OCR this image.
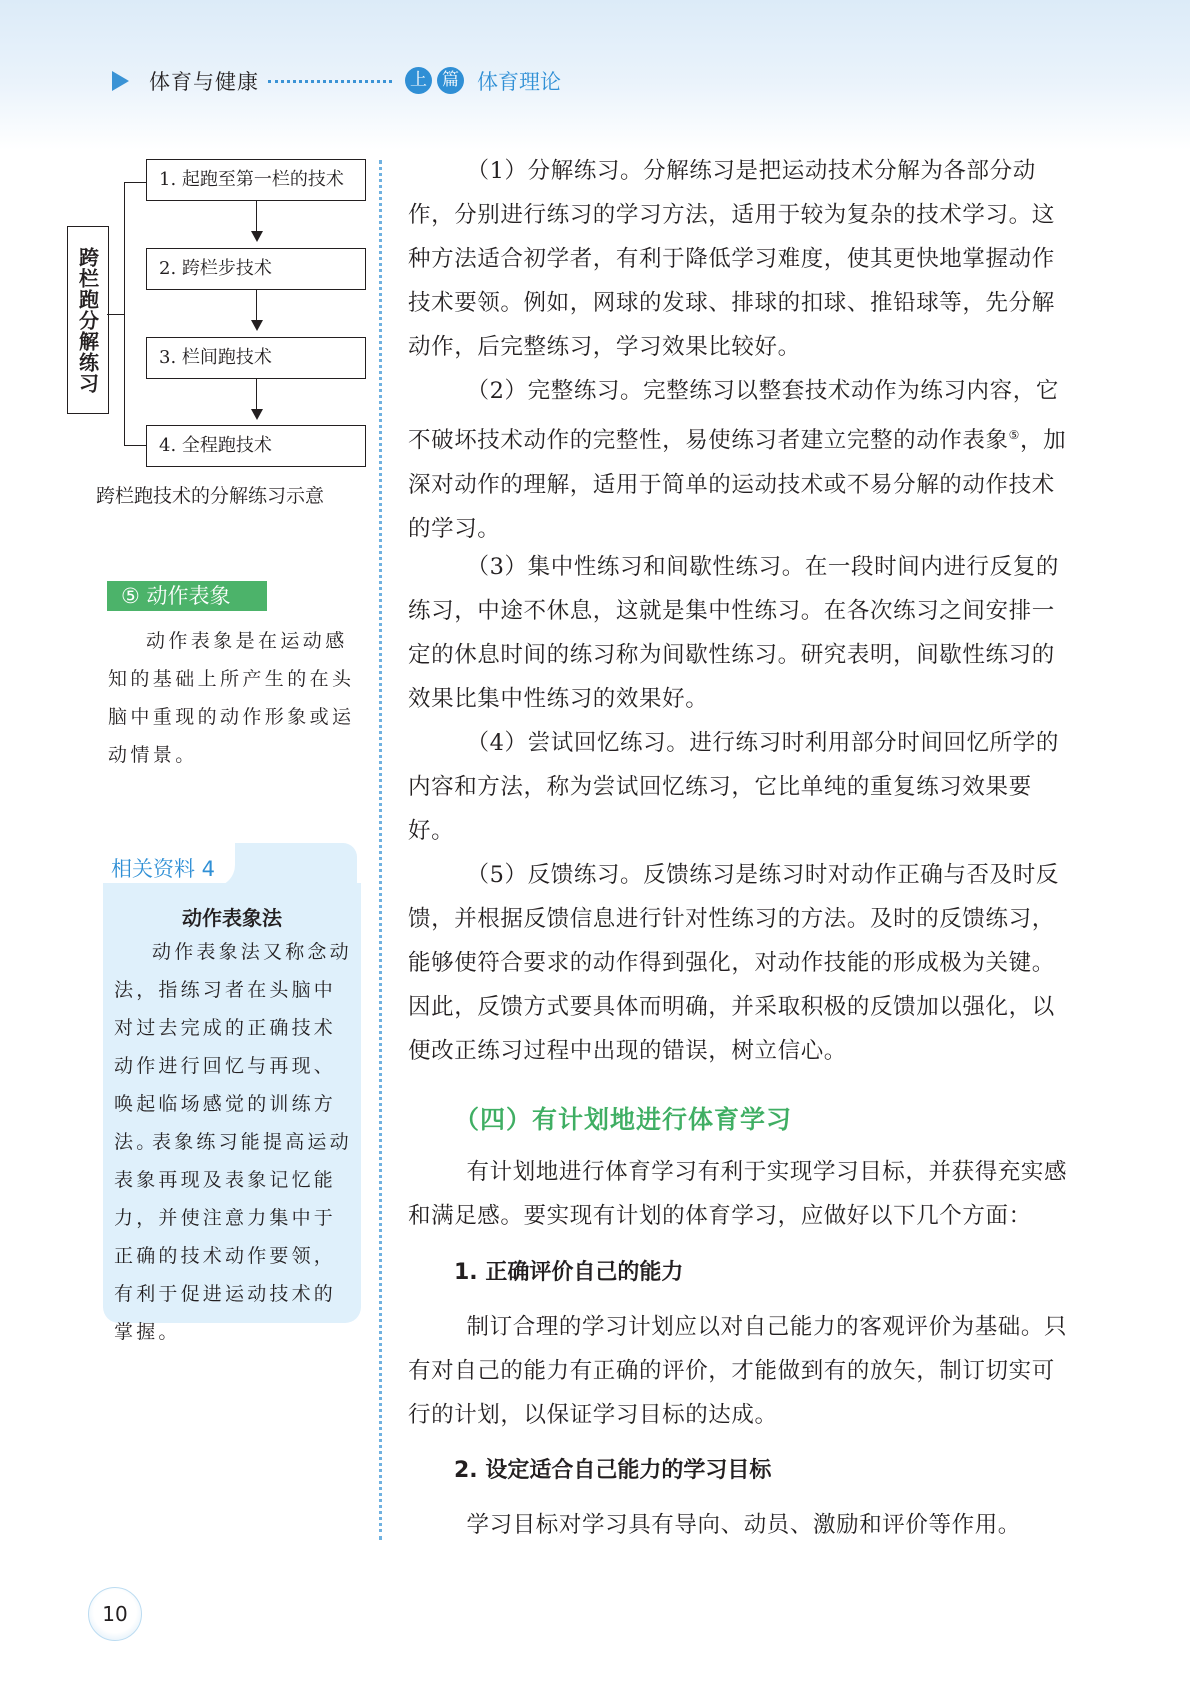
体育与健康	上 篇 体育理论
跨栏跑分解练习
1. 起跑至第一栏的技术
2. 跨栏步技术
3. 栏间跑技术
4. 全程跑技术
跨栏跑技术的分解练习示意
⑤ 动作表象

动作表象是在运动感知的基础上所产生的在头脑中重现的动作形象或运动情景。

相关资料 4
动作表象法

动作表象法又称念动法，指练习者在头脑中对过去完成的正确技术动作进行回忆与再现、唤起临场感觉的训练方法。

表象练习能提高运动表象再现及表象记忆能力，并使注意力集中于正确的技术动作要领，有利于促进运动技术的掌握。

（1）分解练习。分解练习是把运动技术分解为各部分动作，分别进行练习的学习方法，适用于较为复杂的技术学习。这种方法适合初学者，有利于降低学习难度，使其更快地掌握动作技术要领。例如，网球的发球、排球的扣球、推铅球等，先分解动作，后完整练习，学习效果比较好。

（2）完整练习。完整练习以整套技术动作为练习内容，它不破坏技术动作的完整性，易使练习者建立完整的动作表象⑤，加深对动作的理解，适用于简单的运动技术或不易分解的动作技术的学习。

（3）集中性练习和间歇性练习。在一段时间内进行反复的练习，中途不休息，这就是集中性练习。在各次练习之间安排一定的休息时间的练习称为间歇性练习。研究表明，间歇性练习的效果比集中性练习的效果好。

（4）尝试回忆练习。进行练习时利用部分时间回忆所学的内容和方法，称为尝试回忆练习，它比单纯的重复练习效果要好。

（5）反馈练习。反馈练习是练习时对动作正确与否及时反馈，并根据反馈信息进行针对性练习的方法。及时的反馈练习，能够使符合要求的动作得到强化，对动作技能的形成极为关键。因此，反馈方式要具体而明确，并采取积极的反馈加以强化，以便改正练习过程中出现的错误，树立信心。

（四）有计划地进行体育学习

有计划地进行体育学习有利于实现学习目标，并获得充实感和满足感。要实现有计划的体育学习，应做好以下几个方面：

1. 正确评价自己的能力

制订合理的学习计划应以对自己能力的客观评价为基础。只有对自己的能力有正确的评价，才能做到有的放矢，制订切实可行的计划，以保证学习目标的达成。

2. 设定适合自己能力的学习目标

学习目标对学习具有导向、动员、激励和评价等作用。

10
